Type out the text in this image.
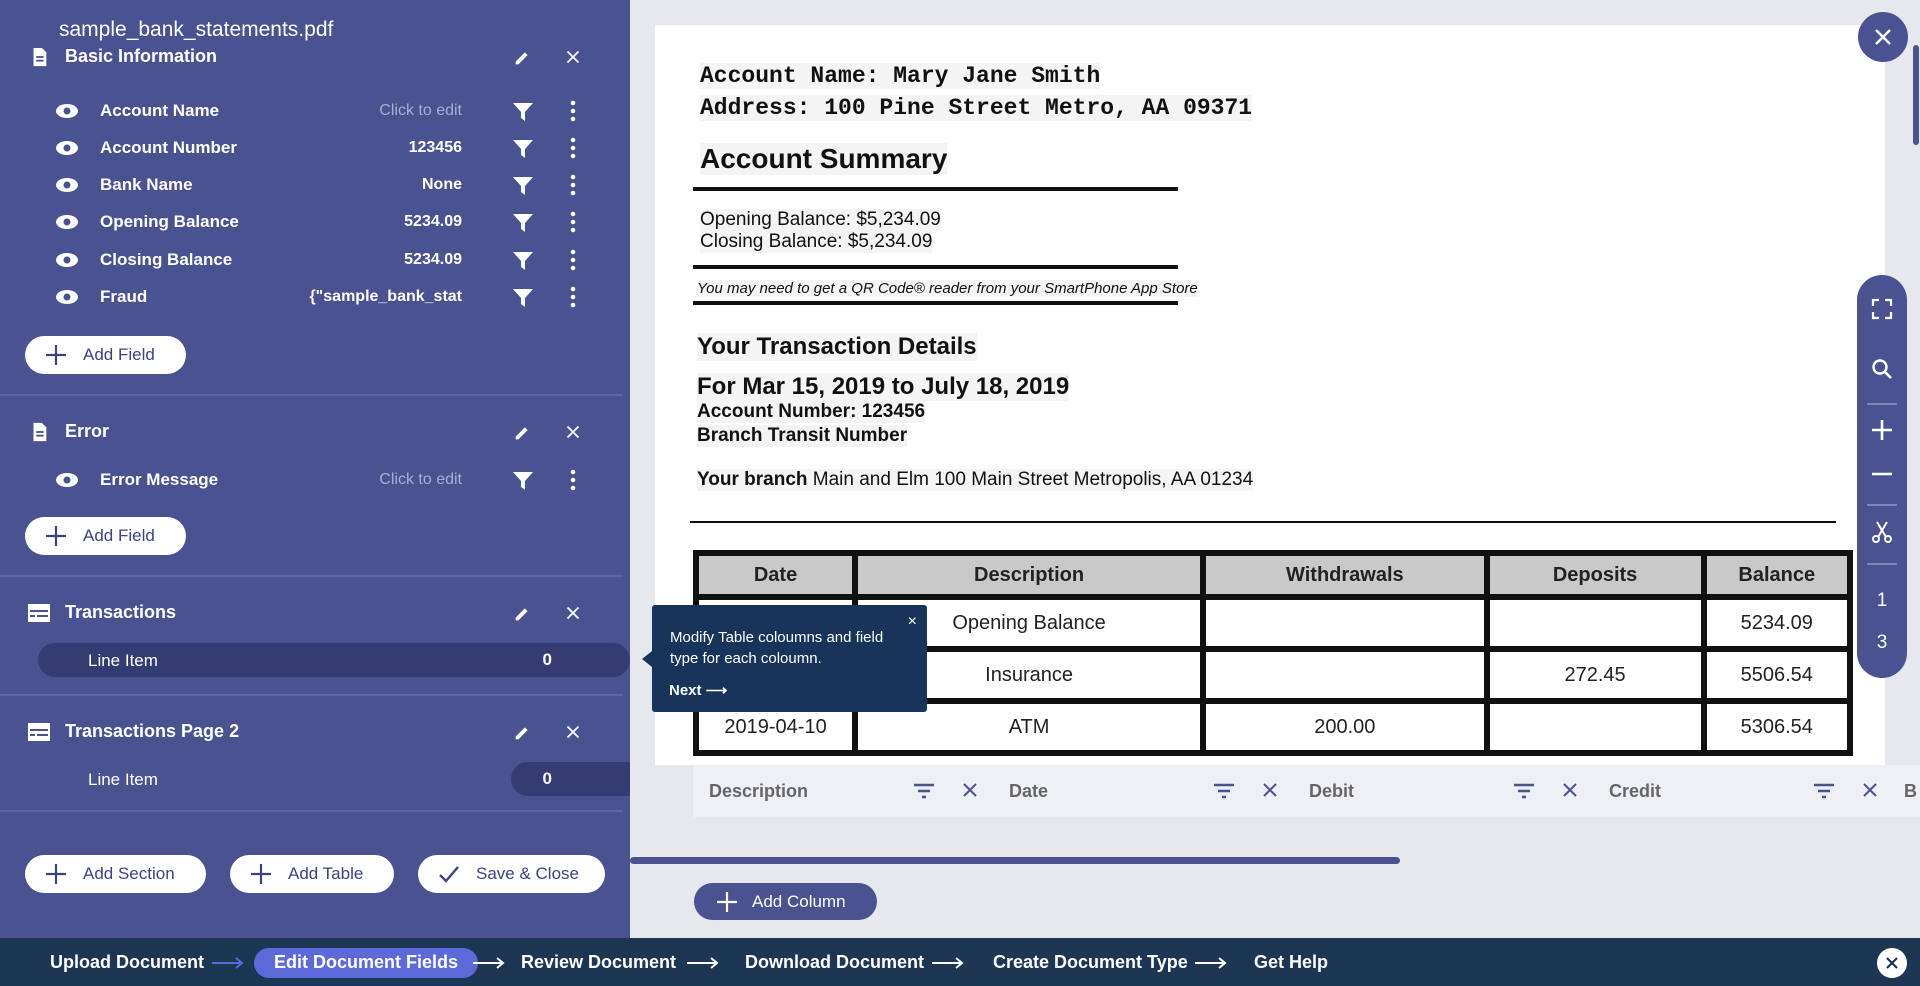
sample_bank_statements.pdf
Basic Information
Account Name	Click to edit
Account Number	123456
Bank Name	None
Opening Balance	5234.09
Closing Balance	5234.09
Fraud	{"sample_bank_stat
Add Field
Error
Error Message	Click to edit
Add Field
Transactions
Line Item	0
Transactions Page 2
Line Item	0
Add Section	Add Table	Save & Close
Account Name: Mary Jane Smith
Address: 100 Pine Street Metro, AA 09371
Account Summary
Opening Balance: $5,234.09
Closing Balance: $5,234.09
You may need to get a QR Code® reader from your SmartPhone App Store
Your Transaction Details
For Mar 15, 2019 to July 18, 2019
Account Number: 123456
Branch Transit Number
Your branch Main and Elm 100 Main Street Metropolis, AA 01234
Date	Description	Withdrawals	Deposits	Balance
	Opening Balance			5234.09
	Insurance		272.45	5506.54
2019-04-10	ATM	200.00		5306.54
×
Modify Table coloumns and field type for each coloumn.
Next ⟶
Description	Date	Debit	Credit	B
Add Column
1
3
Upload Document	Edit Document Fields	Review Document	Download Document	Create Document Type	Get Help
